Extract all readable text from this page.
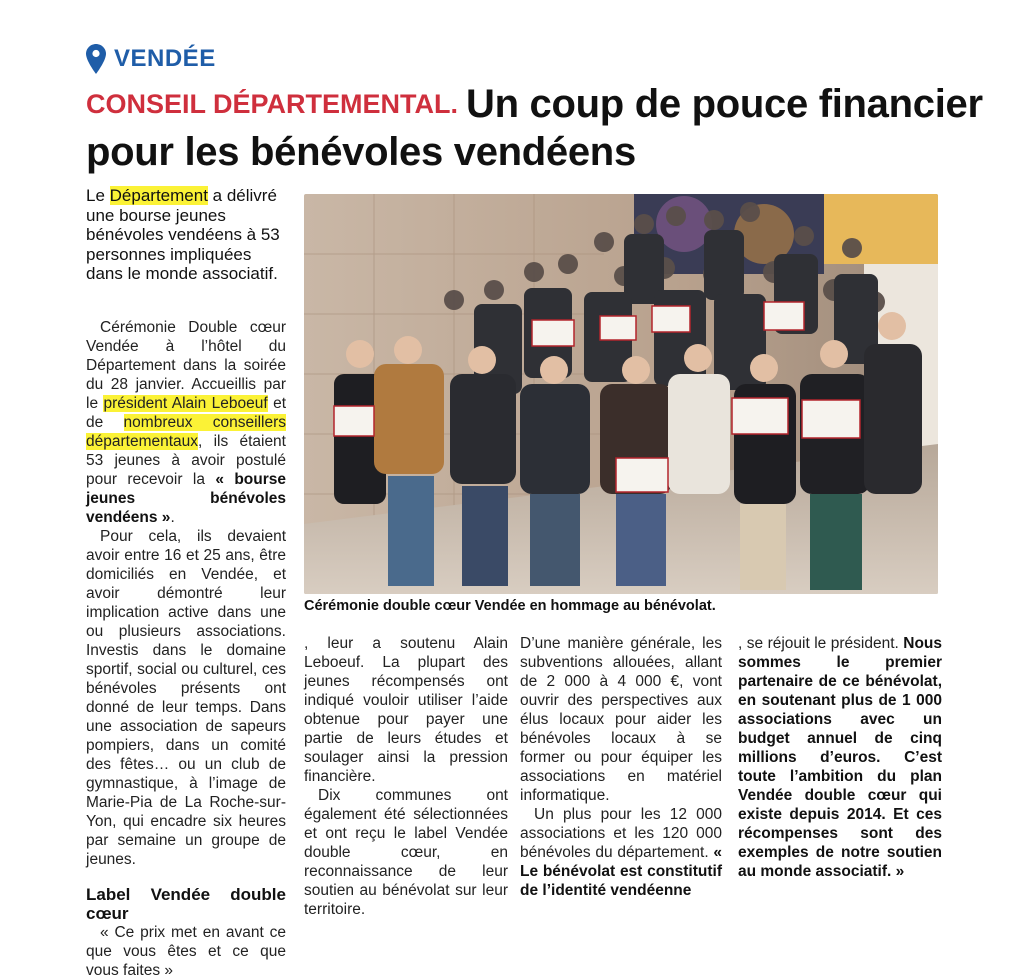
VENDÉE
CONSEIL DÉPARTEMENTAL. Un coup de pouce financier pour les bénévoles vendéens

Le Département a délivré une bourse jeunes bénévoles vendéens à 53 personnes impliquées dans le monde associatif.

Cérémonie Double cœur Vendée à l’hôtel du Département dans la soirée du 28 janvier. Accueillis par le président Alain Leboeuf et de nombreux conseillers départementaux, ils étaient 53 jeunes à avoir postulé pour recevoir la « bourse jeunes bénévoles vendéens ».

Pour cela, ils devaient avoir entre 16 et 25 ans, être domiciliés en Vendée, et avoir démontré leur implication active dans une ou plusieurs associations. Investis dans le domaine sportif, social ou culturel, ces bénévoles présents ont donné de leur temps. Dans une association de sapeurs pompiers, dans un comité des fêtes… ou un club de gymnastique, à l’image de Marie-Pia de La Roche-sur-Yon, qui encadre six heures par semaine un groupe de jeunes.

Label Vendée double cœur

« Ce prix met en avant ce que vous êtes et ce que vous faites »

Cérémonie double cœur Vendée en hommage au bénévolat.

, leur a soutenu Alain Leboeuf. La plupart des jeunes récompensés ont indiqué vouloir utiliser l’aide obtenue pour payer une partie de leurs études et soulager ainsi la pression financière.

Dix communes ont également été sélectionnées et ont reçu le label Vendée double cœur, en reconnaissance de leur soutien au bénévolat sur leur territoire.

D’une manière générale, les subventions allouées, allant de 2 000 à 4 000 €, vont ouvrir des perspectives aux élus locaux pour aider les bénévoles locaux à se former ou pour équiper les associations en matériel informatique.

Un plus pour les 12 000 associations et les 120 000 bénévoles du département. « Le bénévolat est constitutif de l’identité vendéenne

, se réjouit le président. Nous sommes le premier partenaire de ce bénévolat, en soutenant plus de 1 000 associations avec un budget annuel de cinq millions d’euros. C’est toute l’ambition du plan Vendée double cœur qui existe depuis 2014. Et ces récompenses sont des exemples de notre soutien au monde associatif. »
